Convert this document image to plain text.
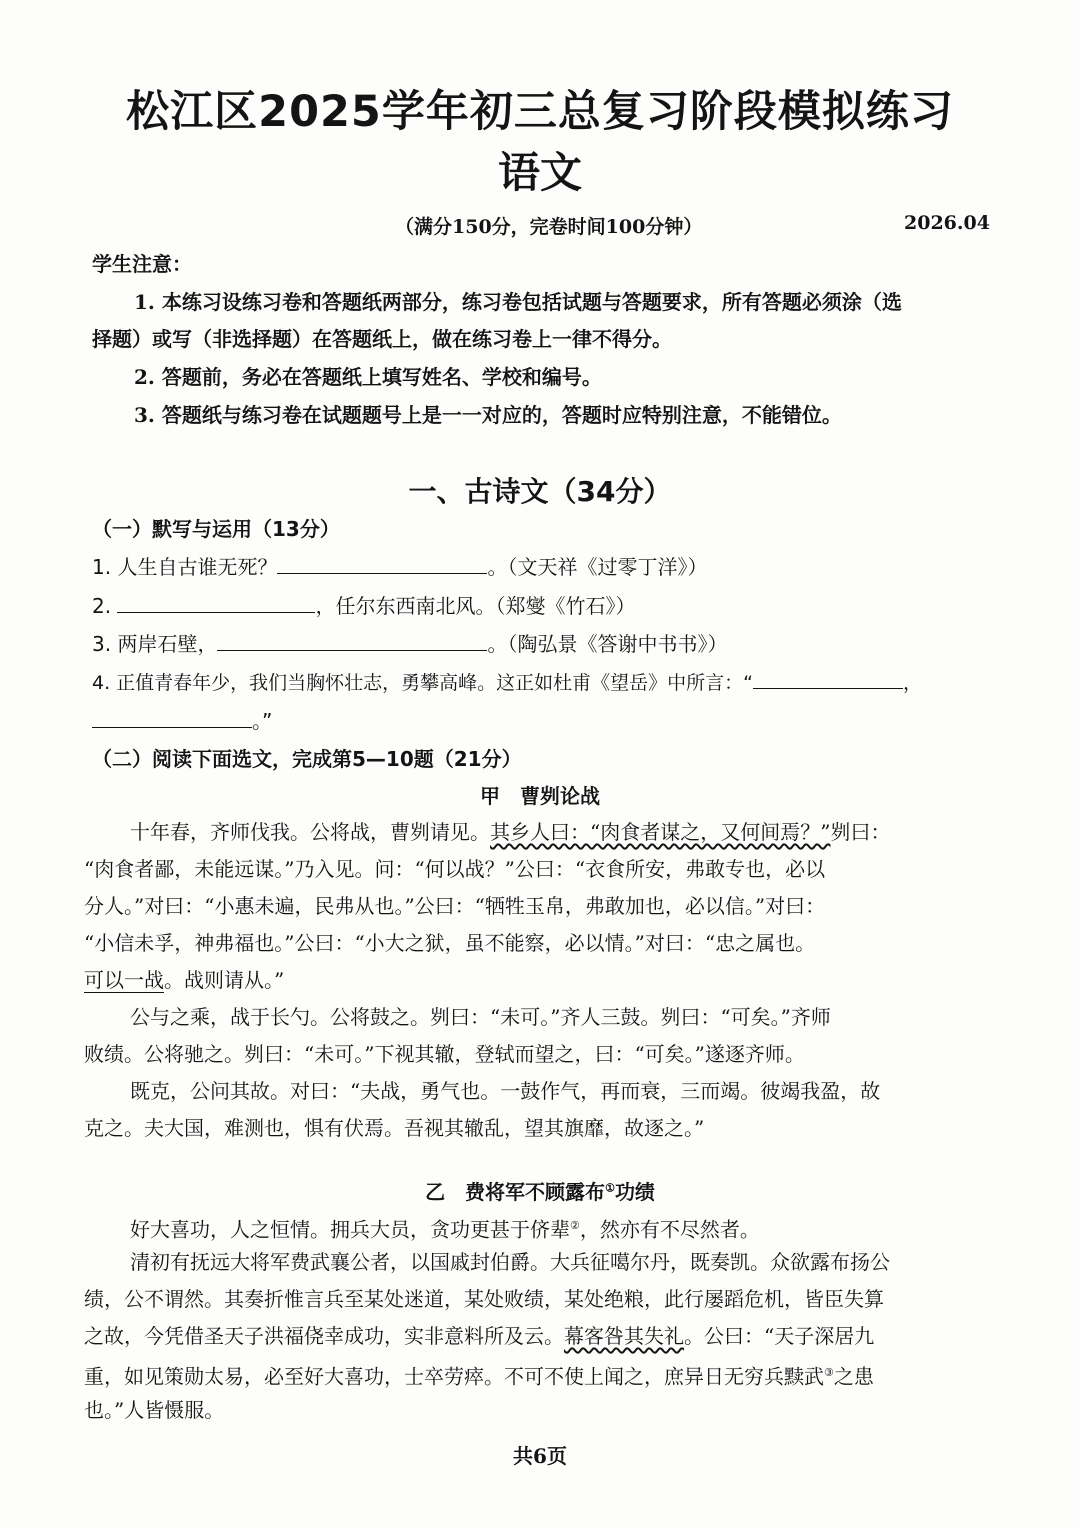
松江区2025学年初三总复习阶段模拟练习
语文
（满分150分，完卷时间100分钟）	2026.04
学生注意：
1. 本练习设练习卷和答题纸两部分，练习卷包括试题与答题要求，所有答题必须涂（选
择题）或写（非选择题）在答题纸上，做在练习卷上一律不得分。
2. 答题前，务必在答题纸上填写姓名、学校和编号。
3. 答题纸与练习卷在试题题号上是一一对应的，答题时应特别注意，不能错位。
一、古诗文（34分）
（一）默写与运用（13分）
1. 人生自古谁无死？	。（文天祥《过零丁洋》）
2.	，任尔东西南北风。（郑燮《竹石》）
3. 两岸石壁，	。（陶弘景《答谢中书书》）
4. 正值青春年少，我们当胸怀壮志，勇攀高峰。这正如杜甫《望岳》中所言：“	，
。”
（二）阅读下面选文，完成第5—10题（21分）
甲　曹刿论战
十年春，齐师伐我。公将战，曹刿请见。其乡人曰：“肉食者谋之，又何间焉？”刿曰：
“肉食者鄙，未能远谋。”乃入见。问：“何以战？”公曰：“衣食所安，弗敢专也，必以
分人。”对曰：“小惠未遍，民弗从也。”公曰：“牺牲玉帛，弗敢加也，必以信。”对曰：
“小信未孚，神弗福也。”公曰：“小大之狱，虽不能察，必以情。”对曰：“忠之属也。
可以一战。战则请从。”
公与之乘，战于长勺。公将鼓之。刿曰：“未可。”齐人三鼓。刿曰：“可矣。”齐师
败绩。公将驰之。刿曰：“未可。”下视其辙，登轼而望之，曰：“可矣。”遂逐齐师。
既克，公问其故。对曰：“夫战，勇气也。一鼓作气，再而衰，三而竭。彼竭我盈，故
克之。夫大国，难测也，惧有伏焉。吾视其辙乱，望其旗靡，故逐之。”
乙　费将军不顾露布①功绩
好大喜功，人之恒情。拥兵大员，贪功更甚于侪辈②，然亦有不尽然者。
清初有抚远大将军费武襄公者，以国戚封伯爵。大兵征噶尔丹，既奏凯。众欲露布扬公
绩，公不谓然。其奏折惟言兵至某处迷道，某处败绩，某处绝粮，此行屡蹈危机，皆臣失算
之故，今凭借圣天子洪福侥幸成功，实非意料所及云。幕客咎其失礼。公曰：“天子深居九
重，如见策勋太易，必至好大喜功，士卒劳瘁。不可不使上闻之，庶异日无穷兵黩武③之患
也。”人皆慑服。
共6页
